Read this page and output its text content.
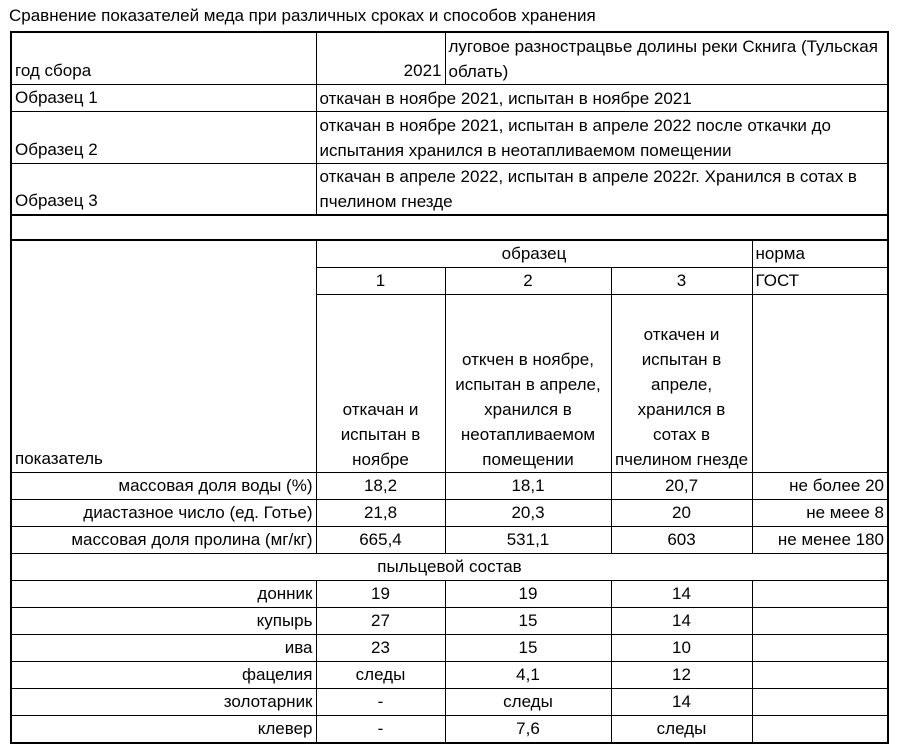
Сравнение показателей меда при различных сроках и способов хранения
год сбора	2021	луговое разнострацвье долины реки Скнига (Тульская облать)		
Образец 1	откачан в ноябре 2021, испытан в ноябре 2021			
Образец 2	откачан в ноябре 2021, испытан в апреле 2022 после откачки до испытания хранился в неотапливаемом помещении			
Образец 3	откачан в апреле 2022, испытан в апреле 2022г. Хранился в сотах в пчелином гнезде			

показатель	образец			норма
	1	2	3	ГОСТ
	откачан и испытан в ноябре	откчен в ноябре, испытан в апреле, хранился в неотапливаемом помещении	откачен и испытан в апреле, хранился в сотах в пчелином гнезде	
массовая доля воды (%)	18,2	18,1	20,7	не более 20
диастазное число (ед. Готье)	21,8	20,3	20	не меее 8
массовая доля пролина (мг/кг)	665,4	531,1	603	не менее 180
пыльцевой состав				
донник	19	19	14	
купырь	27	15	14	
ива	23	15	10	
фацелия	следы	4,1	12	
золотарник	-	следы	14	
клевер	-	7,6	следы	
